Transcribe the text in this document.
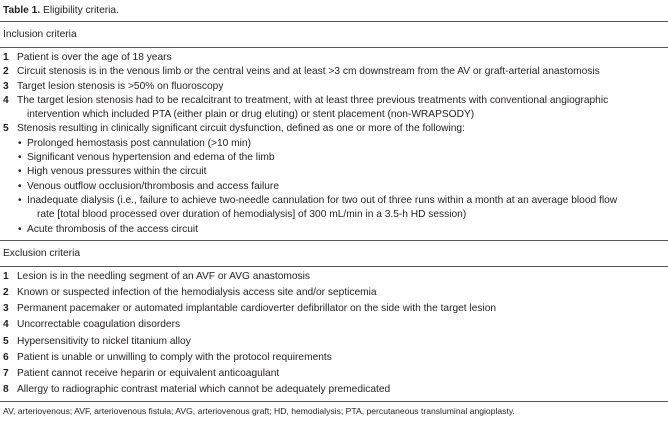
Table 1. Eligibility criteria.
Inclusion criteria
1 Patient is over the age of 18 years
2 Circuit stenosis is in the venous limb or the central veins and at least >3 cm downstream from the AV or graft-arterial anastomosis
3 Target lesion stenosis is >50% on fluoroscopy
4 The target lesion stenosis had to be recalcitrant to treatment, with at least three previous treatments with conventional angiographic
intervention which included PTA (either plain or drug eluting) or stent placement (non-WRAPSODY)
5 Stenosis resulting in clinically significant circuit dysfunction, defined as one or more of the following:
• Prolonged hemostasis post cannulation (>10 min)
• Significant venous hypertension and edema of the limb
• High venous pressures within the circuit
• Venous outflow occlusion/thrombosis and access failure
• Inadequate dialysis (i.e., failure to achieve two-needle cannulation for two out of three runs within a month at an average blood flow
rate [total blood processed over duration of hemodialysis] of 300 mL/min in a 3.5-h HD session)
• Acute thrombosis of the access circuit
Exclusion criteria
1 Lesion is in the needling segment of an AVF or AVG anastomosis
2 Known or suspected infection of the hemodialysis access site and/or septicemia
3 Permanent pacemaker or automated implantable cardioverter defibrillator on the side with the target lesion
4 Uncorrectable coagulation disorders
5 Hypersensitivity to nickel titanium alloy
6 Patient is unable or unwilling to comply with the protocol requirements
7 Patient cannot receive heparin or equivalent anticoagulant
8 Allergy to radiographic contrast material which cannot be adequately premedicated
AV, arteriovenous; AVF, arteriovenous fistula; AVG, arteriovenous graft; HD, hemodialysis; PTA, percutaneous transluminal angioplasty.
